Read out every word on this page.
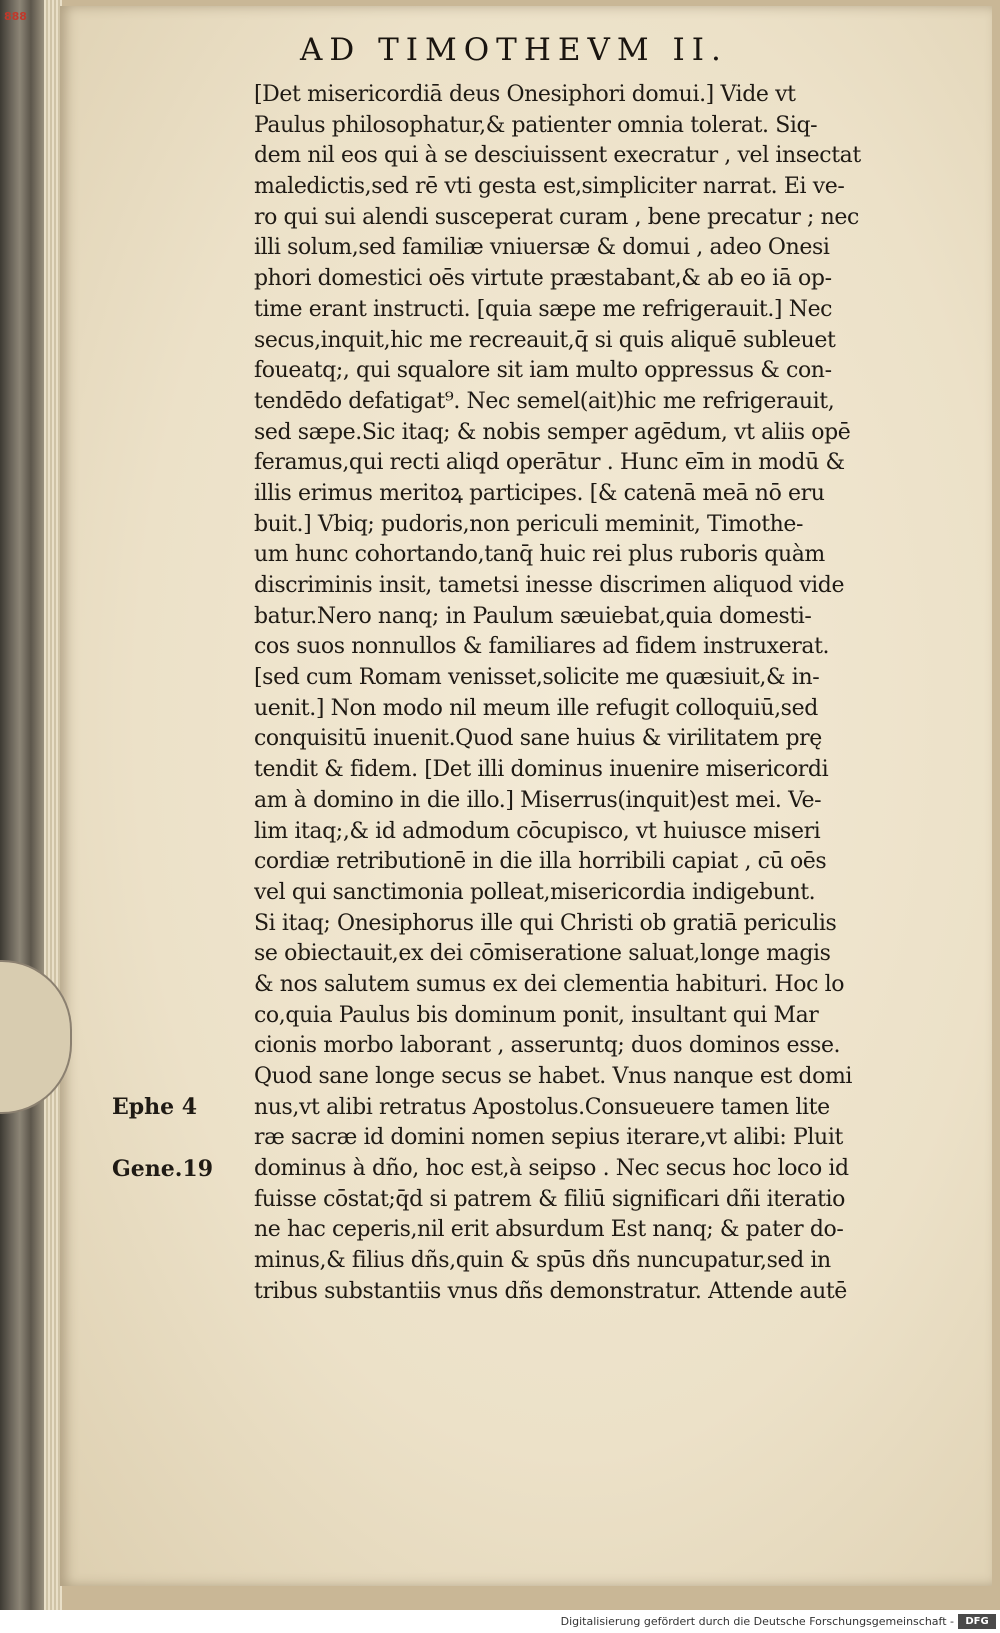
888
AD TIMOTHEVM II.
[Det misericordiā deus Onesiphori domui.] Vide vt
Paulus philosophatur,& patienter omnia tolerat. Siq-
dem nil eos qui à se desciuissent execratur , vel insectat
maledictis,sed rē vti gesta est,simpliciter narrat. Ei ve-
ro qui sui alendi susceperat curam , bene precatur ; nec
illi solum,sed familiæ vniuersæ & domui , adeo Onesi
phori domestici oēs virtute præstabant,& ab eo iā op-
time erant instructi. [quia sæpe me refrigerauit.] Nec
secus,inquit,hic me recreauit,q̄ si quis aliquē subleuet
foueatq;, qui squalore sit iam multo oppressus & con-
tendēdo defatigat⁹. Nec semel(ait)hic me refrigerauit,
sed sæpe.Sic itaq; & nobis semper agēdum, vt aliis opē
feramus,qui recti aliqd operātur . Hunc eīm in modū &
illis erimus meritoꝝ participes. [& catenā meā nō eru
buit.] Vbiq; pudoris,non periculi meminit, Timothe-
um hunc cohortando,tanq̄ huic rei plus ruboris quàm
discriminis insit, tametsi inesse discrimen aliquod vide
batur.Nero nanq; in Paulum sæuiebat,quia domesti-
cos suos nonnullos & familiares ad fidem instruxerat.
[sed cum Romam venisset,solicite me quæsiuit,& in-
uenit.] Non modo nil meum ille refugit colloquiū,sed
conquisitū inuenit.Quod sane huius & virilitatem prę
tendit & fidem. [Det illi dominus inuenire misericordi
am à domino in die illo.] Miserrus(inquit)est mei. Ve-
lim itaq;,& id admodum cōcupisco, vt huiusce miseri
cordiæ retributionē in die illa horribili capiat , cū oēs
vel qui sanctimonia polleat,misericordia indigebunt.
Si itaq; Onesiphorus ille qui Christi ob gratiā periculis
se obiectauit,ex dei cōmiseratione saluat,longe magis
& nos salutem sumus ex dei clementia habituri. Hoc lo
co,quia Paulus bis dominum ponit, insultant qui Mar
cionis morbo laborant , asseruntq; duos dominos esse.
Quod sane longe secus se habet. Vnus nanque est domi
nus,vt alibi retratus Apostolus.Consueuere tamen lite
ræ sacræ id domini nomen sepius iterare,vt alibi: Pluit
dominus à dño, hoc est,à seipso . Nec secus hoc loco id
fuisse cōstat;q̄d si patrem & filiū significari dñi iteratio
ne hac ceperis,nil erit absurdum Est nanq; & pater do-
minus,& filius dñs,quin & spūs dñs nuncupatur,sed in
tribus substantiis vnus dñs demonstratur. Attende autē
Ephe 4
Gene.19
Digitalisierung gefördert durch die Deutsche Forschungsgemeinschaft -	DFG
